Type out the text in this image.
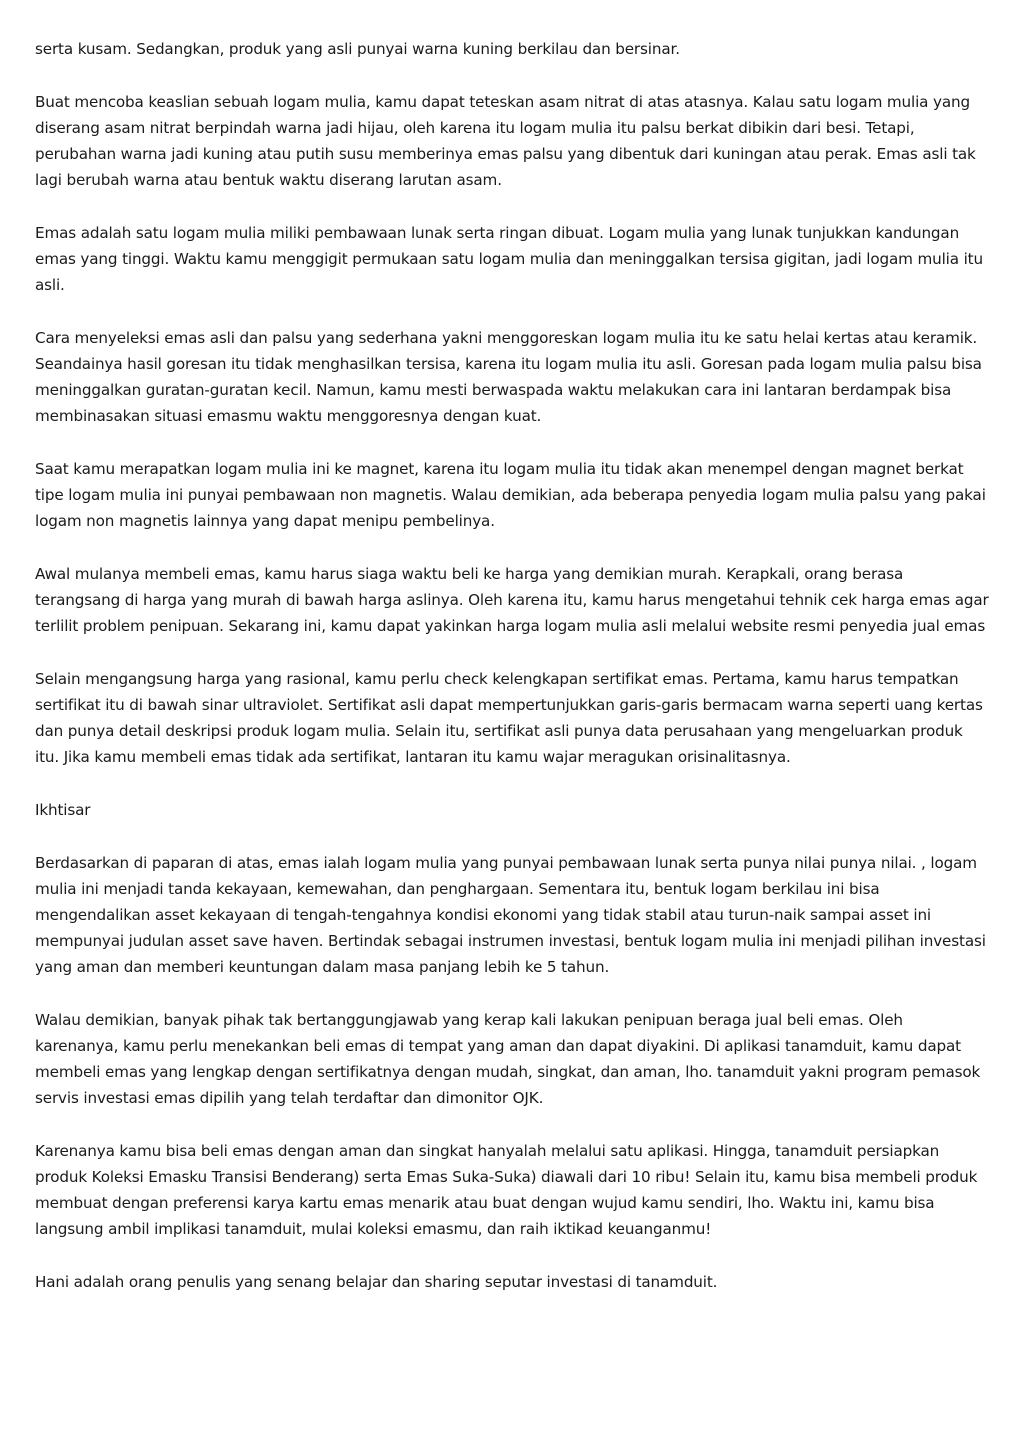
serta kusam. Sedangkan, produk yang asli punyai warna kuning berkilau dan bersinar.

Buat mencoba keaslian sebuah logam mulia, kamu dapat teteskan asam nitrat di atas atasnya. Kalau satu logam mulia yang diserang asam nitrat berpindah warna jadi hijau, oleh karena itu logam mulia itu palsu berkat dibikin dari besi. Tetapi, perubahan warna jadi kuning atau putih susu memberinya emas palsu yang dibentuk dari kuningan atau perak. Emas asli tak lagi berubah warna atau bentuk waktu diserang larutan asam.

Emas adalah satu logam mulia miliki pembawaan lunak serta ringan dibuat. Logam mulia yang lunak tunjukkan kandungan emas yang tinggi. Waktu kamu menggigit permukaan satu logam mulia dan meninggalkan tersisa gigitan, jadi logam mulia itu asli.

Cara menyeleksi emas asli dan palsu yang sederhana yakni menggoreskan logam mulia itu ke satu helai kertas atau keramik. Seandainya hasil goresan itu tidak menghasilkan tersisa, karena itu logam mulia itu asli. Goresan pada logam mulia palsu bisa meninggalkan guratan-guratan kecil. Namun, kamu mesti berwaspada waktu melakukan cara ini lantaran berdampak bisa membinasakan situasi emasmu waktu menggoresnya dengan kuat.

Saat kamu merapatkan logam mulia ini ke magnet, karena itu logam mulia itu tidak akan menempel dengan magnet berkat tipe logam mulia ini punyai pembawaan non magnetis. Walau demikian, ada beberapa penyedia logam mulia palsu yang pakai logam non magnetis lainnya yang dapat menipu pembelinya.

Awal mulanya membeli emas, kamu harus siaga waktu beli ke harga yang demikian murah. Kerapkali, orang berasa terangsang di harga yang murah di bawah harga aslinya. Oleh karena itu, kamu harus mengetahui tehnik cek harga emas agar terlilit problem penipuan. Sekarang ini, kamu dapat yakinkan harga logam mulia asli melalui website resmi penyedia jual emas

Selain mengangsung harga yang rasional, kamu perlu check kelengkapan sertifikat emas. Pertama, kamu harus tempatkan sertifikat itu di bawah sinar ultraviolet. Sertifikat asli dapat mempertunjukkan garis-garis bermacam warna seperti uang kertas dan punya detail deskripsi produk logam mulia. Selain itu, sertifikat asli punya data perusahaan yang mengeluarkan produk itu. Jika kamu membeli emas tidak ada sertifikat, lantaran itu kamu wajar meragukan orisinalitasnya.

Ikhtisar

Berdasarkan di paparan di atas, emas ialah logam mulia yang punyai pembawaan lunak serta punya nilai punya nilai. , logam mulia ini menjadi tanda kekayaan, kemewahan, dan penghargaan. Sementara itu, bentuk logam berkilau ini bisa mengendalikan asset kekayaan di tengah-tengahnya kondisi ekonomi yang tidak stabil atau turun-naik sampai asset ini mempunyai judulan asset save haven. Bertindak sebagai instrumen investasi, bentuk logam mulia ini menjadi pilihan investasi yang aman dan memberi keuntungan dalam masa panjang lebih ke 5 tahun.

Walau demikian, banyak pihak tak bertanggungjawab yang kerap kali lakukan penipuan beraga jual beli emas. Oleh karenanya, kamu perlu menekankan beli emas di tempat yang aman dan dapat diyakini. Di aplikasi tanamduit, kamu dapat membeli emas yang lengkap dengan sertifikatnya dengan mudah, singkat, dan aman, lho. tanamduit yakni program pemasok servis investasi emas dipilih yang telah terdaftar dan dimonitor OJK.

Karenanya kamu bisa beli emas dengan aman dan singkat hanyalah melalui satu aplikasi. Hingga, tanamduit persiapkan produk Koleksi Emasku Transisi Benderang) serta Emas Suka-Suka) diawali dari 10 ribu! Selain itu, kamu bisa membeli produk membuat dengan preferensi karya kartu emas menarik atau buat dengan wujud kamu sendiri, lho. Waktu ini, kamu bisa langsung ambil implikasi tanamduit, mulai koleksi emasmu, dan raih iktikad keuanganmu!

Hani adalah orang penulis yang senang belajar dan sharing seputar investasi di tanamduit.
